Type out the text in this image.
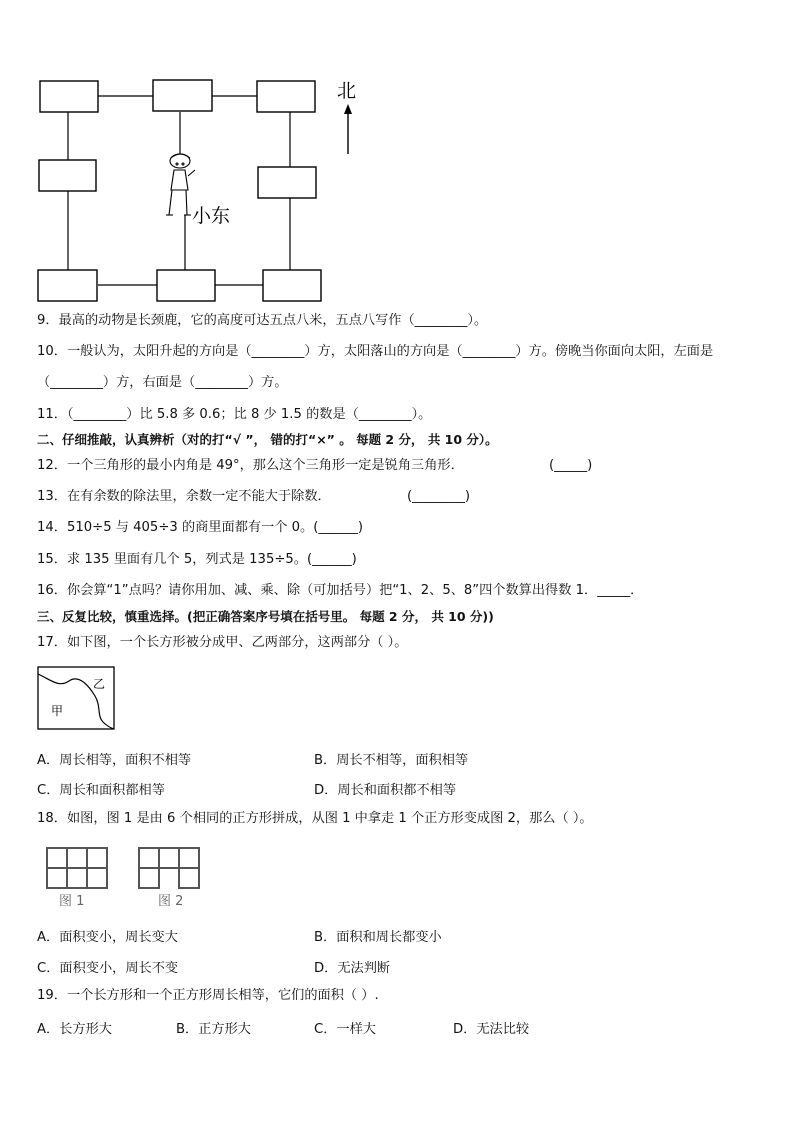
北
小东
9．最高的动物是长颈鹿，它的高度可达五点八米，五点八写作（________）。
10．一般认为，太阳升起的方向是（________）方，太阳落山的方向是（________）方。傍晚当你面向太阳，左面是
（________）方，右面是（________）方。
11．（________）比 5.8 多 0.6；比 8 少 1.5 的数是（________）。
二、仔细推敲，认真辨析（对的打“√ ”， 错的打“×” 。 每题 2 分， 共 10 分）。
12．一个三角形的最小内角是 49°，那么这个三角形一定是锐角三角形．	(_____)
13．在有余数的除法里，余数一定不能大于除数．	(________)
14．510÷5 与 405÷3 的商里面都有一个 0。(______)
15．求 135 里面有几个 5，列式是 135÷5。(______)
16．你会算“1”点吗？请你用加、减、乘、除（可加括号）把“1、2、5、8”四个数算出得数 1．_____．
三、反复比较，慎重选择。(把正确答案序号填在括号里。 每题 2 分， 共 10 分))
17．如下图，一个长方形被分成甲、乙两部分，这两部分（ ）。
乙
甲
A．周长相等，面积不相等	B．周长不相等，面积相等
C．周长和面积都相等	D．周长和面积都不相等
18．如图，图 1 是由 6 个相同的正方形拼成，从图 1 中拿走 1 个正方形变成图 2，那么（ ）。
图 1	图 2
A．面积变小，周长变大	B．面积和周长都变小
C．面积变小，周长不变	D．无法判断
19．一个长方形和一个正方形周长相等，它们的面积（ ）.
A．长方形大	B．正方形大	C．一样大	D．无法比较
